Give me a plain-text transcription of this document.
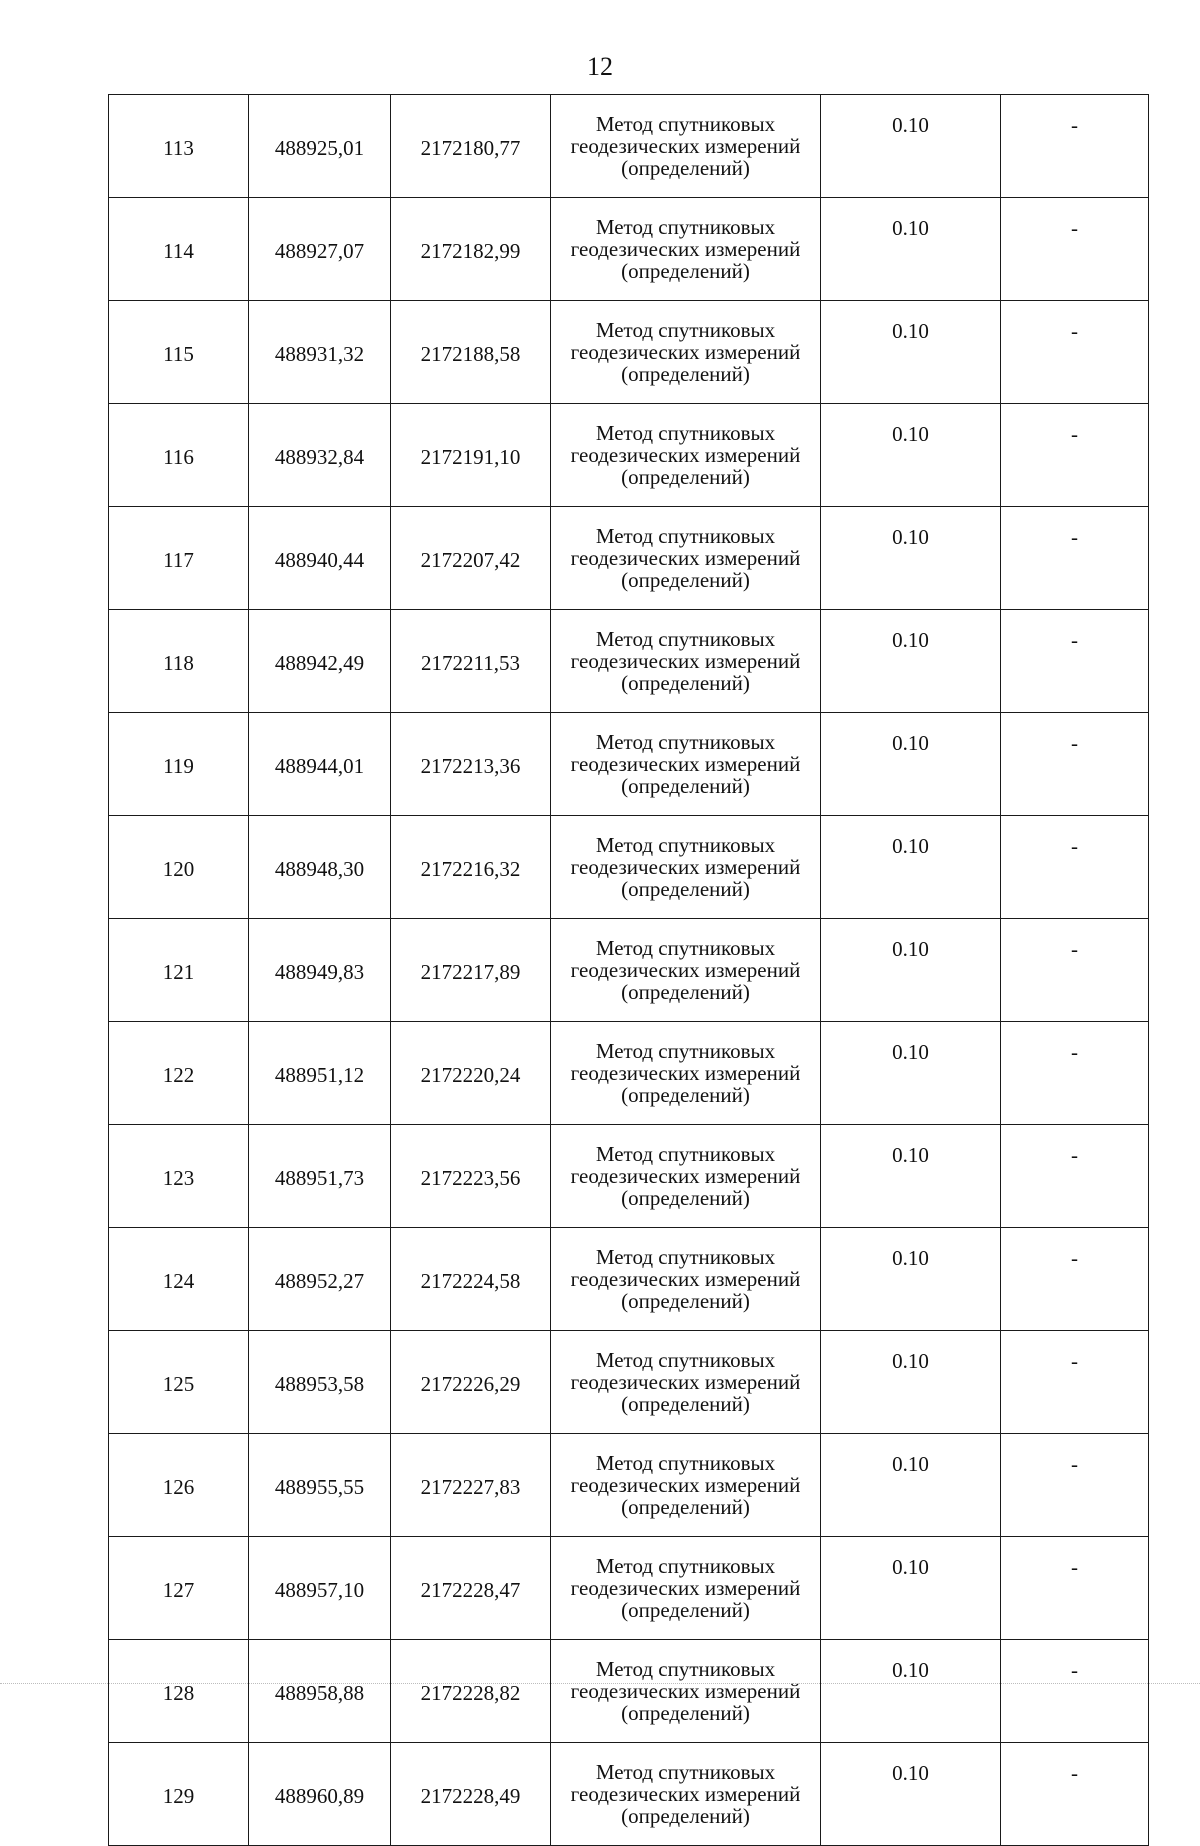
12
113	488925,01	2172180,77	Метод спутниковых
геодезических измерений
(определений)	0.10	-
114	488927,07	2172182,99	Метод спутниковых
геодезических измерений
(определений)	0.10	-
115	488931,32	2172188,58	Метод спутниковых
геодезических измерений
(определений)	0.10	-
116	488932,84	2172191,10	Метод спутниковых
геодезических измерений
(определений)	0.10	-
117	488940,44	2172207,42	Метод спутниковых
геодезических измерений
(определений)	0.10	-
118	488942,49	2172211,53	Метод спутниковых
геодезических измерений
(определений)	0.10	-
119	488944,01	2172213,36	Метод спутниковых
геодезических измерений
(определений)	0.10	-
120	488948,30	2172216,32	Метод спутниковых
геодезических измерений
(определений)	0.10	-
121	488949,83	2172217,89	Метод спутниковых
геодезических измерений
(определений)	0.10	-
122	488951,12	2172220,24	Метод спутниковых
геодезических измерений
(определений)	0.10	-
123	488951,73	2172223,56	Метод спутниковых
геодезических измерений
(определений)	0.10	-
124	488952,27	2172224,58	Метод спутниковых
геодезических измерений
(определений)	0.10	-
125	488953,58	2172226,29	Метод спутниковых
геодезических измерений
(определений)	0.10	-
126	488955,55	2172227,83	Метод спутниковых
геодезических измерений
(определений)	0.10	-
127	488957,10	2172228,47	Метод спутниковых
геодезических измерений
(определений)	0.10	-
128	488958,88	2172228,82	Метод спутниковых
геодезических измерений
(определений)	0.10	-
129	488960,89	2172228,49	Метод спутниковых
геодезических измерений
(определений)	0.10	-
